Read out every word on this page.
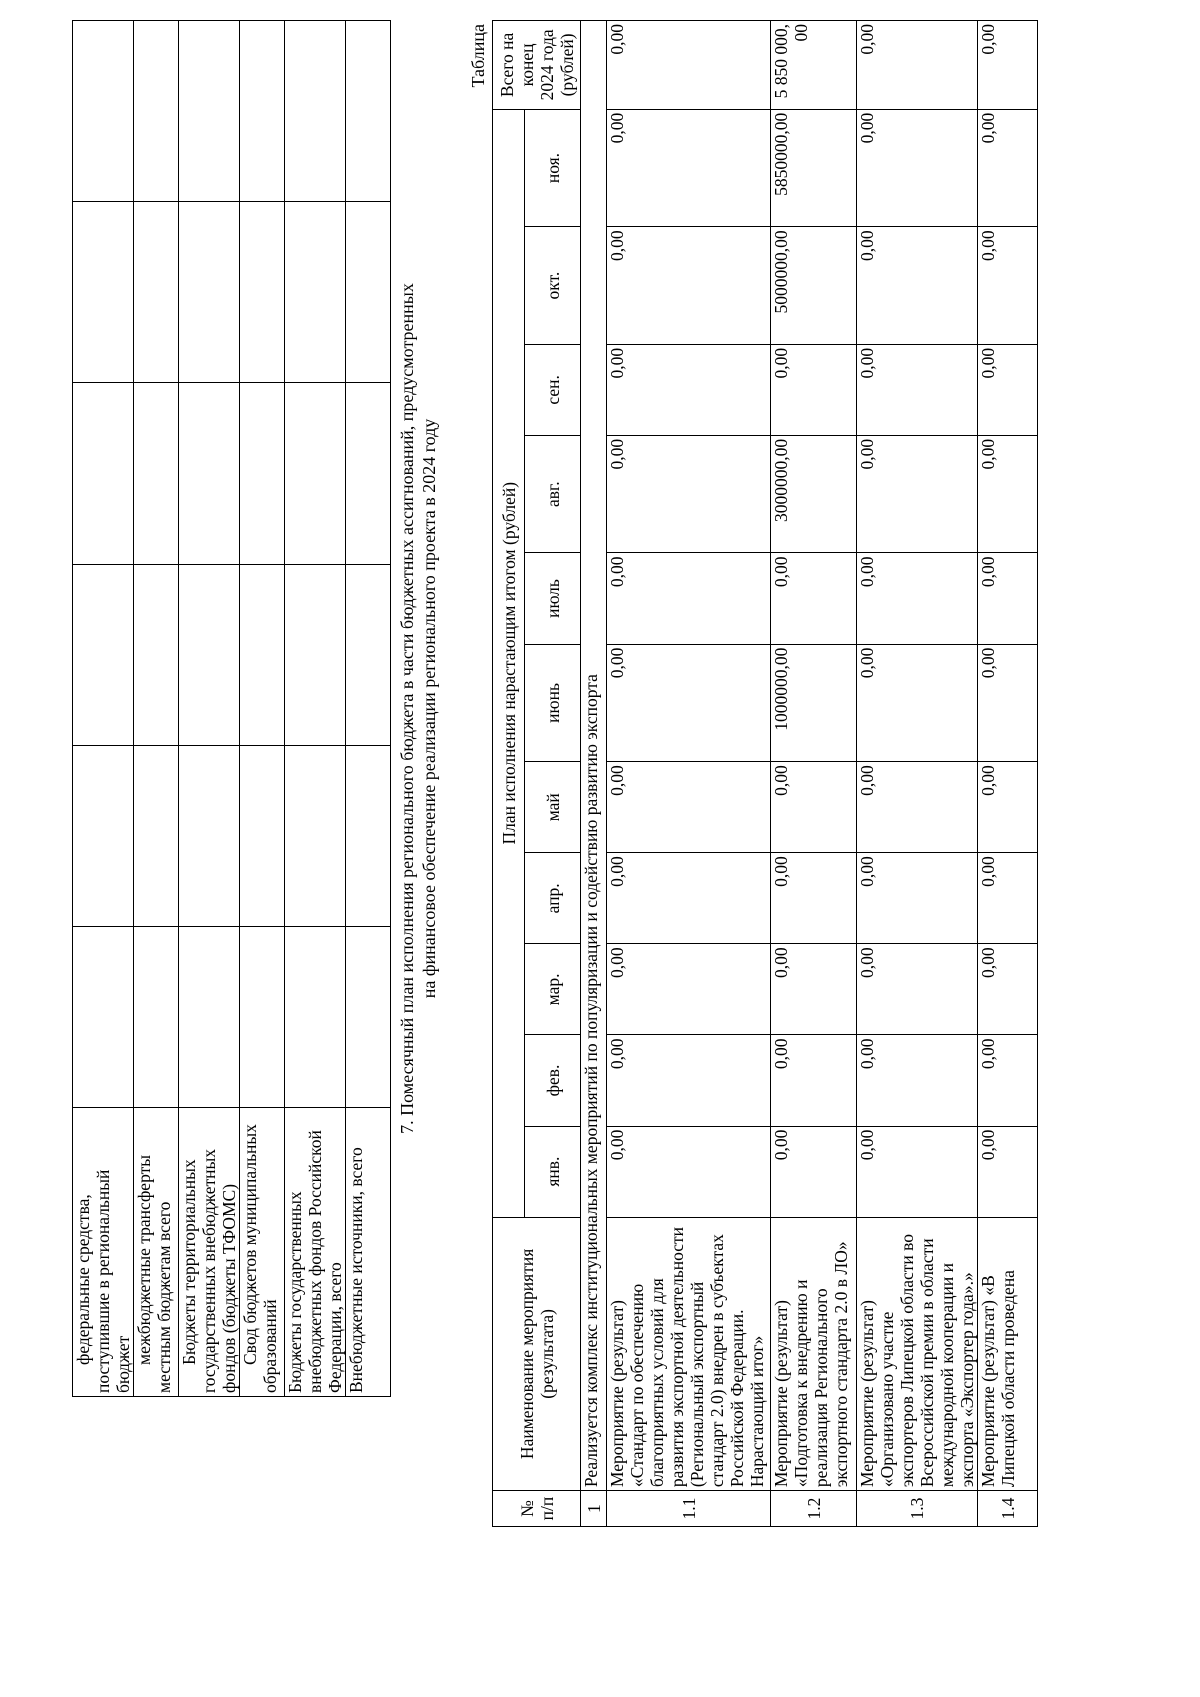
федеральные средства, поступившие в региональный бюджет						
межбюджетные трансферты местным бюджетам всего						
Бюджеты территориальных государственных внебюджетных фондов (бюджеты ТФОМС)						
Свод бюджетов муниципальных образований						
Бюджеты государственных внебюджетных фондов Российской Федерации, всего						
Внебюджетные источники, всего						
7. Помесячный план исполнения регионального бюджета в части бюджетных ассигнований, предусмотренных на финансовое обеспечение реализации регионального проекта в 2024 году
Таблица
№ п/п	Наименование мероприятия (результата)	План исполнения нарастающим итогом (рублей)											Всего на конец 2024 года (рублей)
		янв.	фев.	мар.	апр.	май	июнь	июль	авг.	сен.	окт.	ноя.	
1	Реализуется комплекс институциональных мероприятий по популяризации и содействию развитию экспорта												
1.1	Мероприятие (результат) «Стандарт по обеспечению благоприятных условий для развития экспортной деятельности (Региональный экспортный стандарт 2.0) внедрен в субъектах Российской Федерации. Нарастающий итог»	0,00	0,00	0,00	0,00	0,00	0,00	0,00	0,00	0,00	0,00	0,00	0,00
1.2	Мероприятие (результат) «Подготовка к внедрению и реализация Регионального экспортного стандарта 2.0 в ЛО»	0,00	0,00	0,00	0,00	0,00	1000000,00	0,00	3000000,00	0,00	5000000,00	5850000,00	5 850 000,00
1.3	Мероприятие (результат) «Организовано участие экспортеров Липецкой области во Всероссийской премии в области международной кооперации и экспорта «Экспортер года».»	0,00	0,00	0,00	0,00	0,00	0,00	0,00	0,00	0,00	0,00	0,00	0,00
1.4	Мероприятие (результат) «В Липецкой области проведена	0,00	0,00	0,00	0,00	0,00	0,00	0,00	0,00	0,00	0,00	0,00	0,00
